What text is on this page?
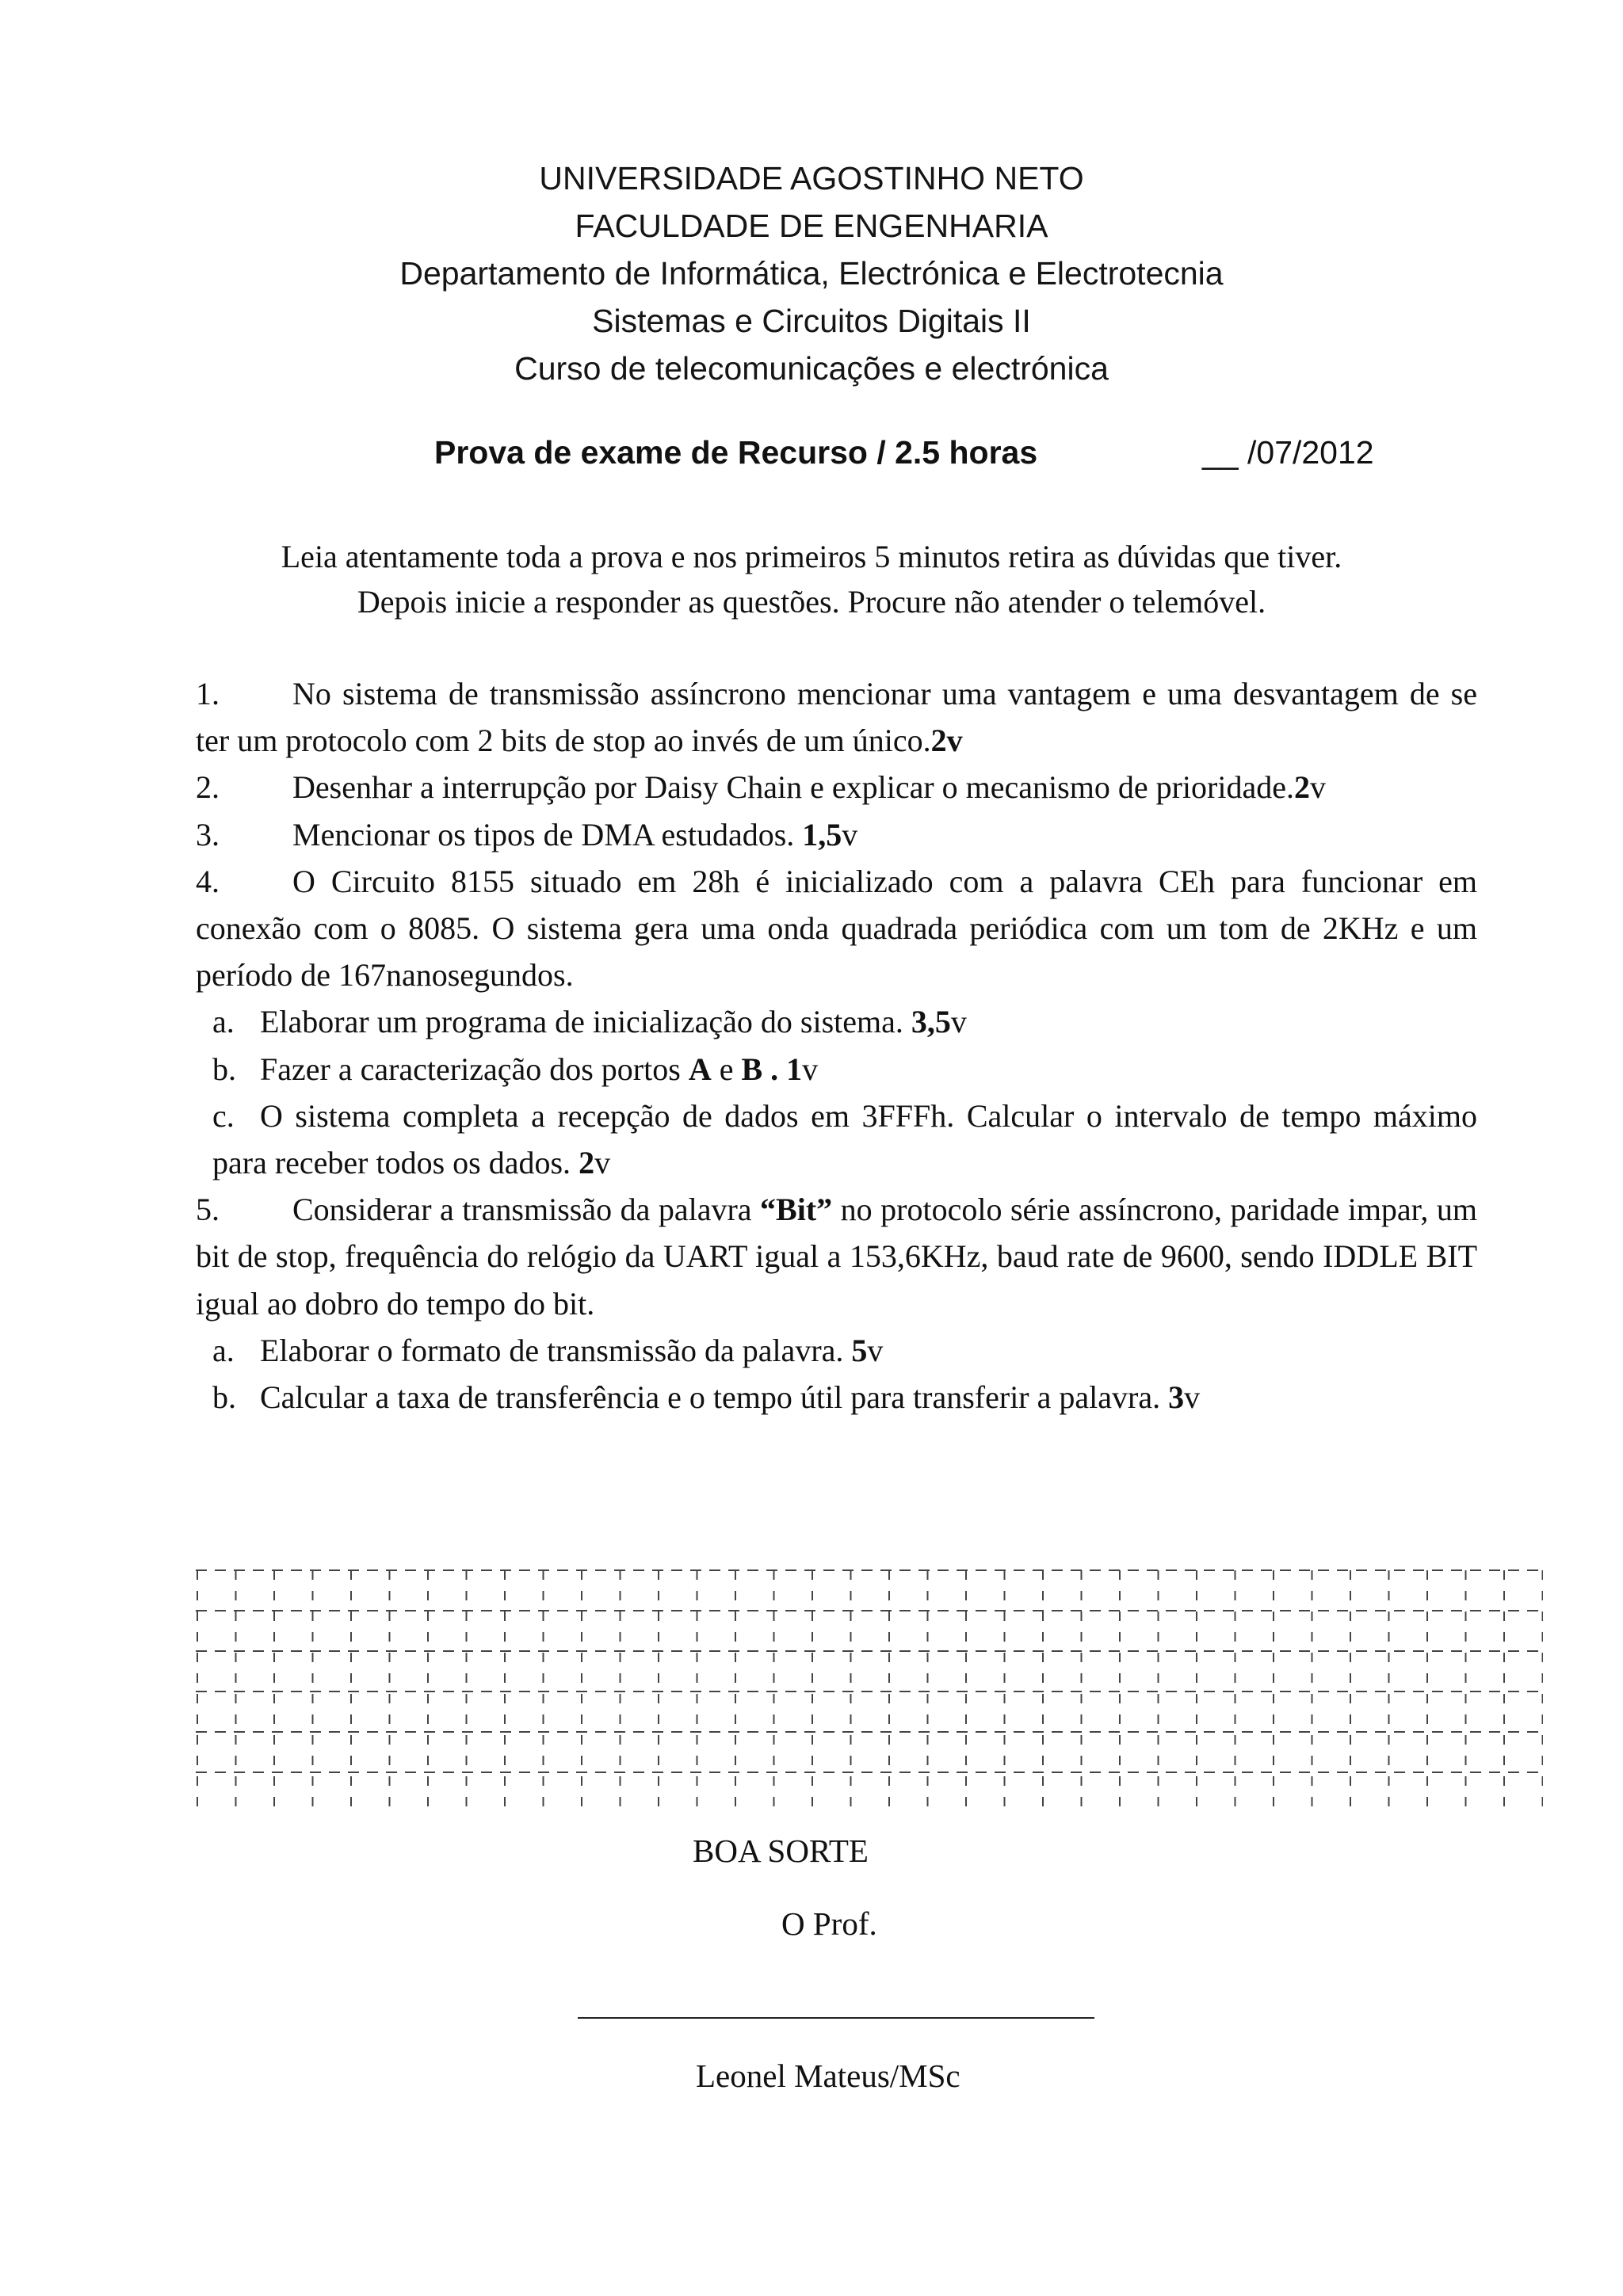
UNIVERSIDADE AGOSTINHO NETO
FACULDADE DE ENGENHARIA
Departamento de Informática, Electrónica e Electrotecnia
Sistemas e Circuitos Digitais II
Curso de telecomunicações e electrónica
Prova de exame de Recurso / 2.5 horas	__ /07/2012
Leia atentamente toda a prova e nos primeiros 5 minutos retira as dúvidas que tiver.
Depois inicie a responder as questões. Procure não atender o telemóvel.
1. No sistema de transmissão assíncrono mencionar uma vantagem e uma desvantagem de se ter um protocolo com 2 bits de stop ao invés de um único.2v
2. Desenhar a interrupção por Daisy Chain e explicar o mecanismo de prioridade.2v
3. Mencionar os tipos de DMA estudados. 1,5v
4. O Circuito 8155 situado em 28h é inicializado com a palavra CEh para funcionar em conexão com o 8085. O sistema gera uma onda quadrada periódica com um tom de 2KHz e um período de 167nanosegundos.
a. Elaborar um programa de inicialização do sistema. 3,5v
b. Fazer a caracterização dos portos A e B . 1v
c. O sistema completa a recepção de dados em 3FFFh. Calcular o intervalo de tempo máximo para receber todos os dados. 2v
5. Considerar a transmissão da palavra “Bit” no protocolo série assíncrono, paridade impar, um bit de stop, frequência do relógio da UART igual a 153,6KHz, baud rate de 9600, sendo IDDLE BIT igual ao dobro do tempo do bit.
a. Elaborar o formato de transmissão da palavra. 5v
b. Calcular a taxa de transferência e o tempo útil para transferir a palavra. 3v
BOA SORTE
O Prof.
Leonel Mateus/MSc
